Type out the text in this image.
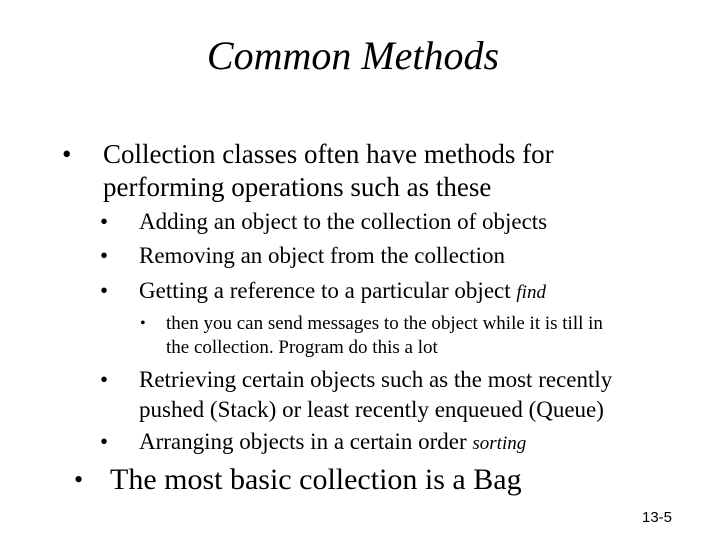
Common Methods
• Collection classes often have methods for
performing operations such as these
• Adding an object to the collection of objects
• Removing an object from the collection
• Getting a reference to a particular object find
• then you can send messages to the object while it is till in
the collection. Program do this a lot
• Retrieving certain objects such as the most recently
pushed (Stack) or least recently enqueued (Queue)
• Arranging objects in a certain order sorting
• The most basic collection is a Bag
13-5
